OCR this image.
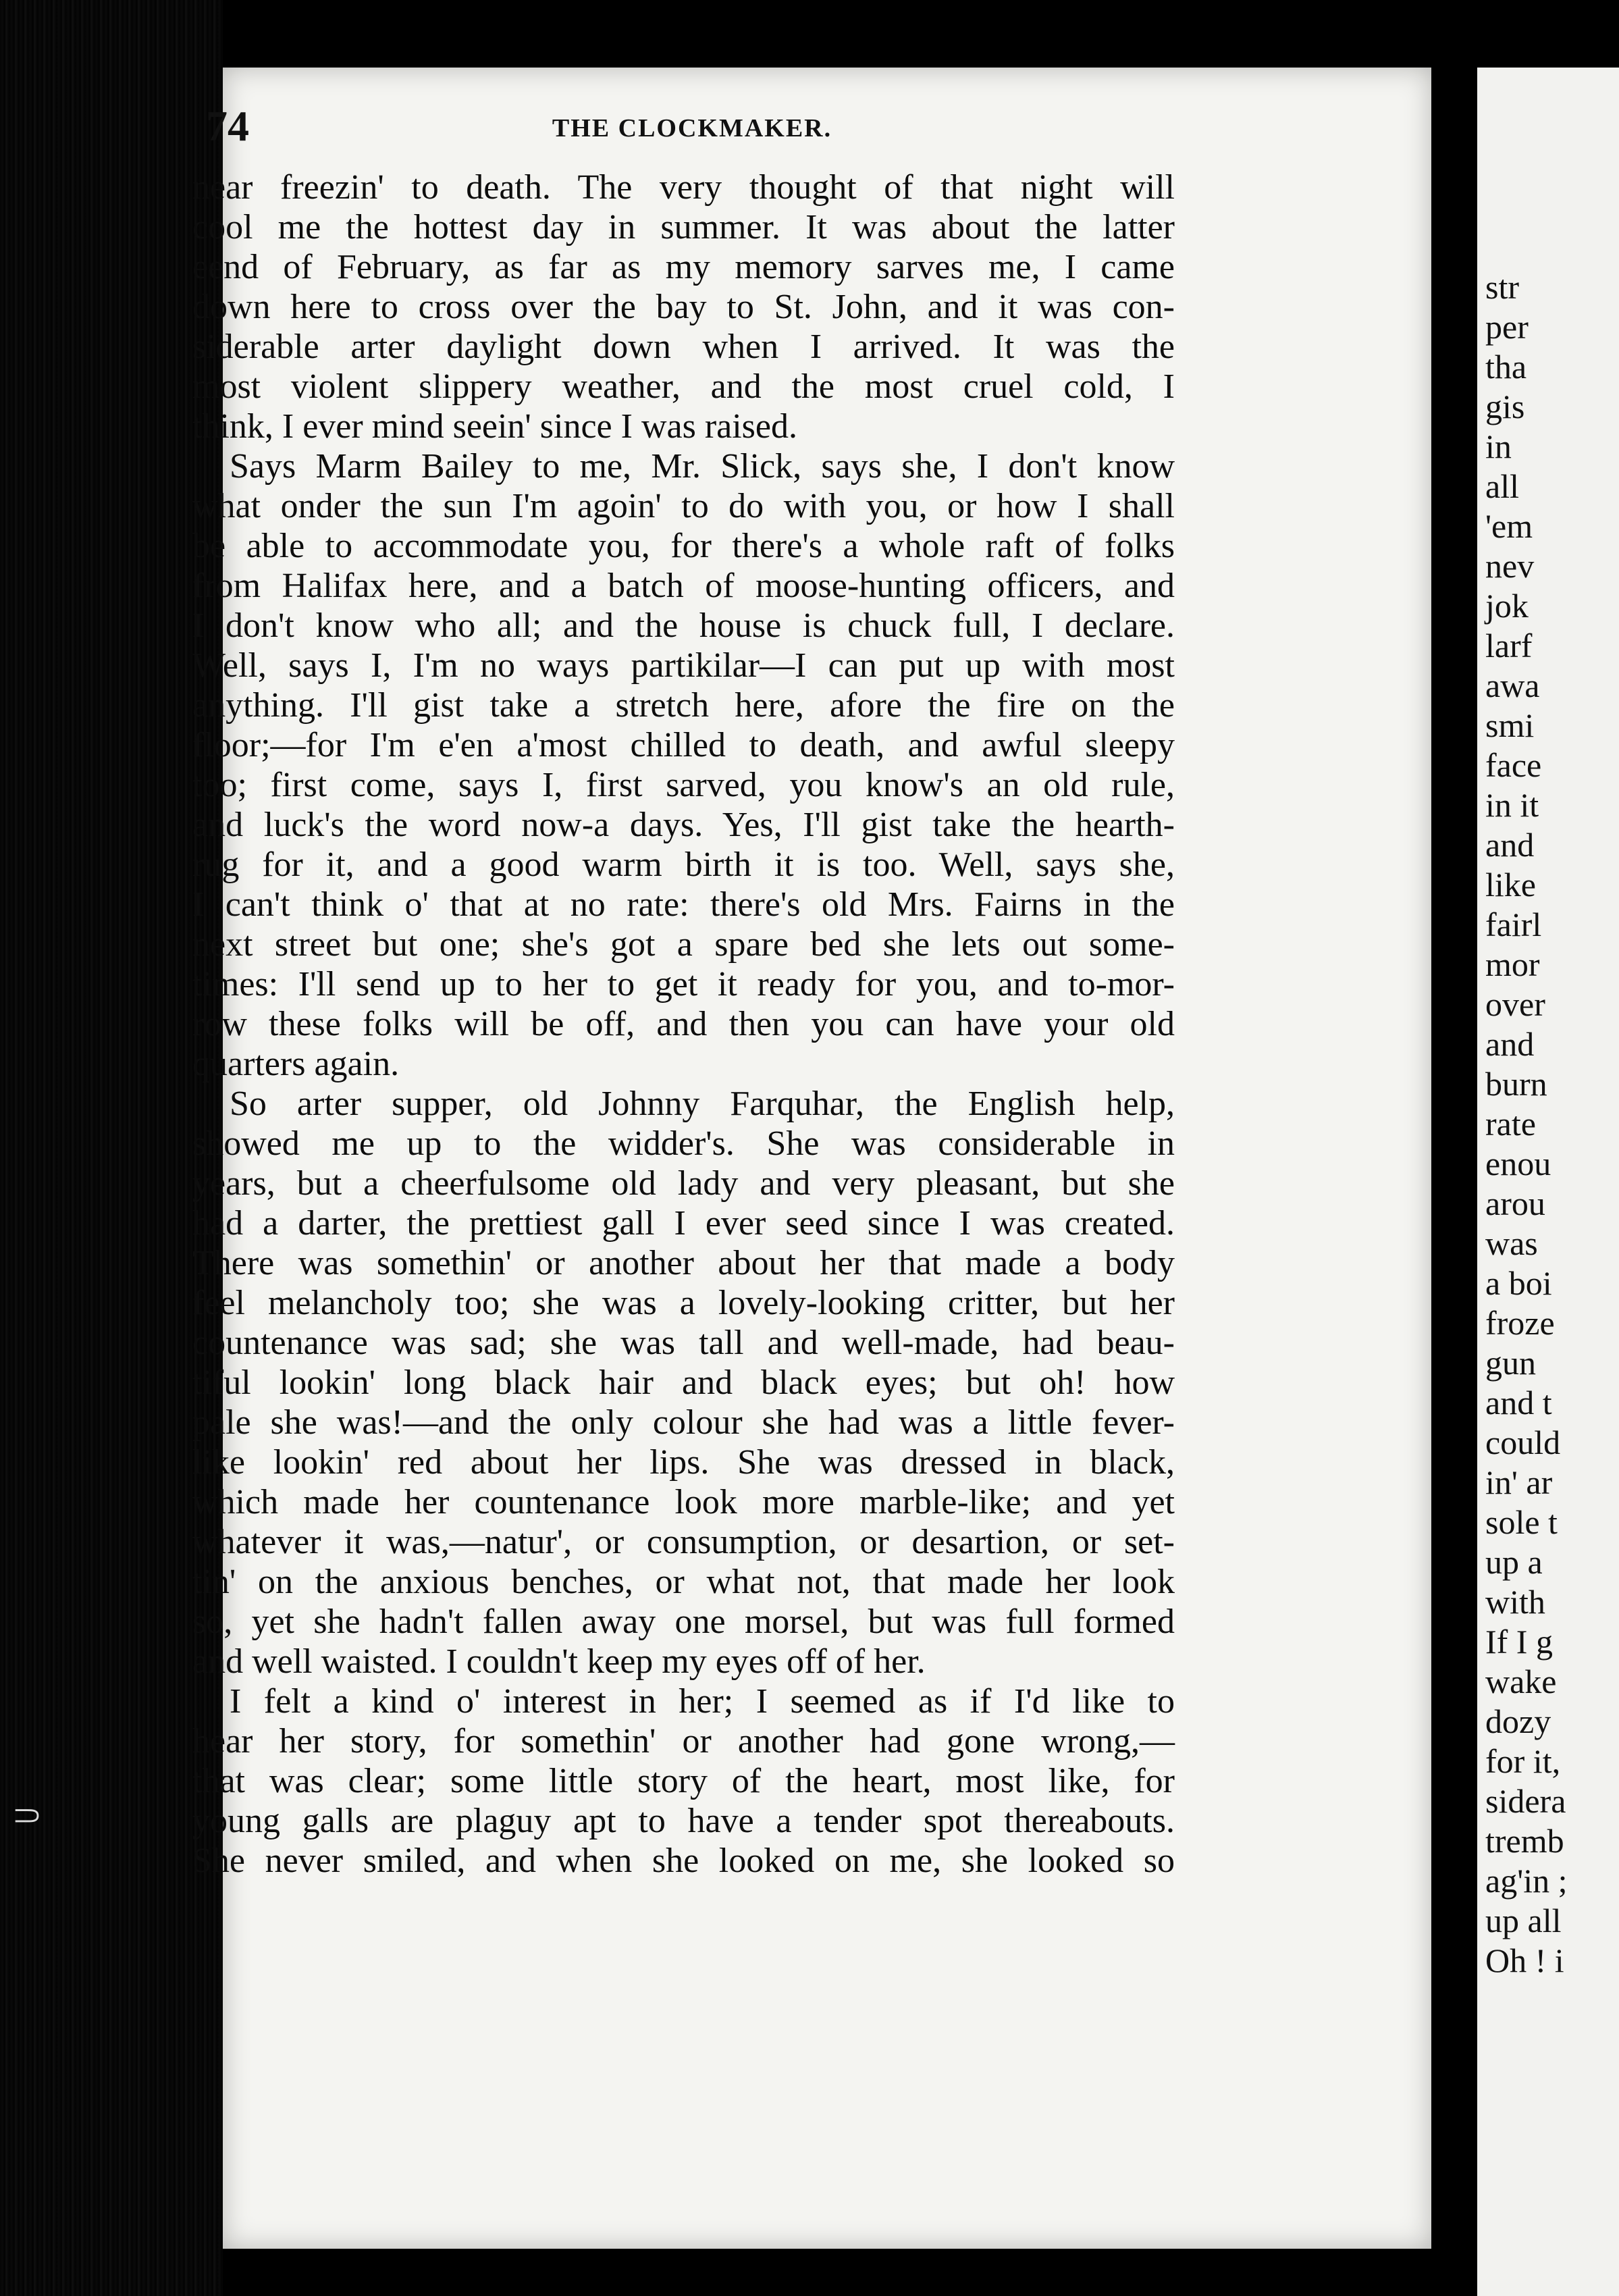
⸧
74	THE CLOCKMAKER.
near freezin' to death. The very thought of that night will
cool me the hottest day in summer. It was about the latter
eend of February, as far as my memory sarves me, I came
down here to cross over the bay to St. John, and it was con-
siderable arter daylight down when I arrived. It was the
most violent slippery weather, and the most cruel cold, I
think, I ever mind seein' since I was raised.
Says Marm Bailey to me, Mr. Slick, says she, I don't know
what onder the sun I'm agoin' to do with you, or how I shall
be able to accommodate you, for there's a whole raft of folks
from Halifax here, and a batch of moose-hunting officers, and
I don't know who all; and the house is chuck full, I declare.
Well, says I, I'm no ways partikilar—I can put up with most
anything. I'll gist take a stretch here, afore the fire on the
floor;—for I'm e'en a'most chilled to death, and awful sleepy
too; first come, says I, first sarved, you know's an old rule,
and luck's the word now-a days. Yes, I'll gist take the hearth-
rug for it, and a good warm birth it is too. Well, says she,
I can't think o' that at no rate: there's old Mrs. Fairns in the
next street but one; she's got a spare bed she lets out some-
times: I'll send up to her to get it ready for you, and to-mor-
row these folks will be off, and then you can have your old
quarters again.
So arter supper, old Johnny Farquhar, the English help,
showed me up to the widder's. She was considerable in
years, but a cheerfulsome old lady and very pleasant, but she
had a darter, the prettiest gall I ever seed since I was created.
There was somethin' or another about her that made a body
feel melancholy too; she was a lovely-looking critter, but her
countenance was sad; she was tall and well-made, had beau-
tiful lookin' long black hair and black eyes; but oh! how
pale she was!—and the only colour she had was a little fever-
like lookin' red about her lips. She was dressed in black,
which made her countenance look more marble-like; and yet
whatever it was,—natur', or consumption, or desartion, or set-
tin' on the anxious benches, or what not, that made her look
so, yet she hadn't fallen away one morsel, but was full formed
and well waisted. I couldn't keep my eyes off of her.
I felt a kind o' interest in her; I seemed as if I'd like to
hear her story, for somethin' or another had gone wrong,—
that was clear; some little story of the heart, most like, for
young galls are plaguy apt to have a tender spot thereabouts.
She never smiled, and when she looked on me, she looked so
str
per
tha
gis
in
all
'em
nev
jok
larf
awa
smi
face
in it
and
like
fairl
mor
over
and
burn
rate
enou
arou
was
a boi
froze
gun
and t
could
in' ar
sole t
up a
with
If I g
wake
dozy
for it,
sidera
tremb
ag'in ;
up all
Oh ! i
